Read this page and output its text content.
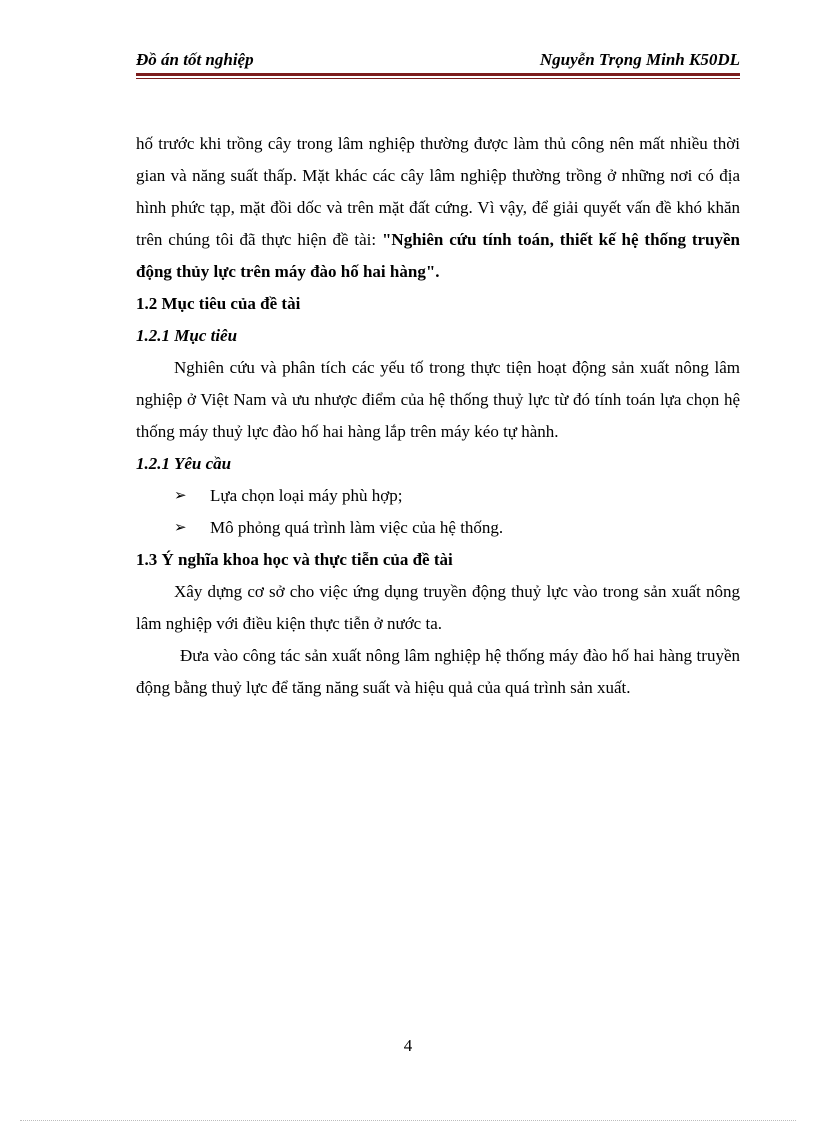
Đồ án tốt nghiệp	Nguyễn Trọng Minh K50DL

hố trước khi trồng cây trong lâm nghiệp thường được làm thủ công nên mất nhiều thời gian và năng suất thấp. Mặt khác các cây lâm nghiệp thường trồng ở những nơi có địa hình phức tạp, mặt đồi dốc và trên mặt đất cứng. Vì vậy, để giải quyết vấn đề khó khăn trên chúng tôi đã thực hiện đề tài: "Nghiên cứu tính toán, thiết kế hệ thống truyền động thủy lực trên máy đào hố hai hàng".

1.2 Mục tiêu của đề tài

1.2.1 Mục tiêu

Nghiên cứu và phân tích các yếu tố trong thực tiện hoạt động sản xuất nông lâm nghiệp ở Việt Nam và ưu nhược điểm của hệ thống thuỷ lực từ đó tính toán lựa chọn hệ thống máy thuỷ lực đào hố hai hàng lắp trên máy kéo tự hành.

1.2.1 Yêu cầu

➢ Lựa chọn loại máy phù hợp;
➢ Mô phỏng quá trình làm việc của hệ thống.

1.3 Ý nghĩa khoa học và thực tiễn của đề tài

Xây dựng cơ sở cho việc ứng dụng truyền động thuỷ lực vào trong sản xuất nông lâm nghiệp với điều kiện thực tiễn ở nước ta.

Đưa vào công tác sản xuất nông lâm nghiệp hệ thống máy đào hố hai hàng truyền động bằng thuỷ lực để tăng năng suất và hiệu quả của quá trình sản xuất.

4
